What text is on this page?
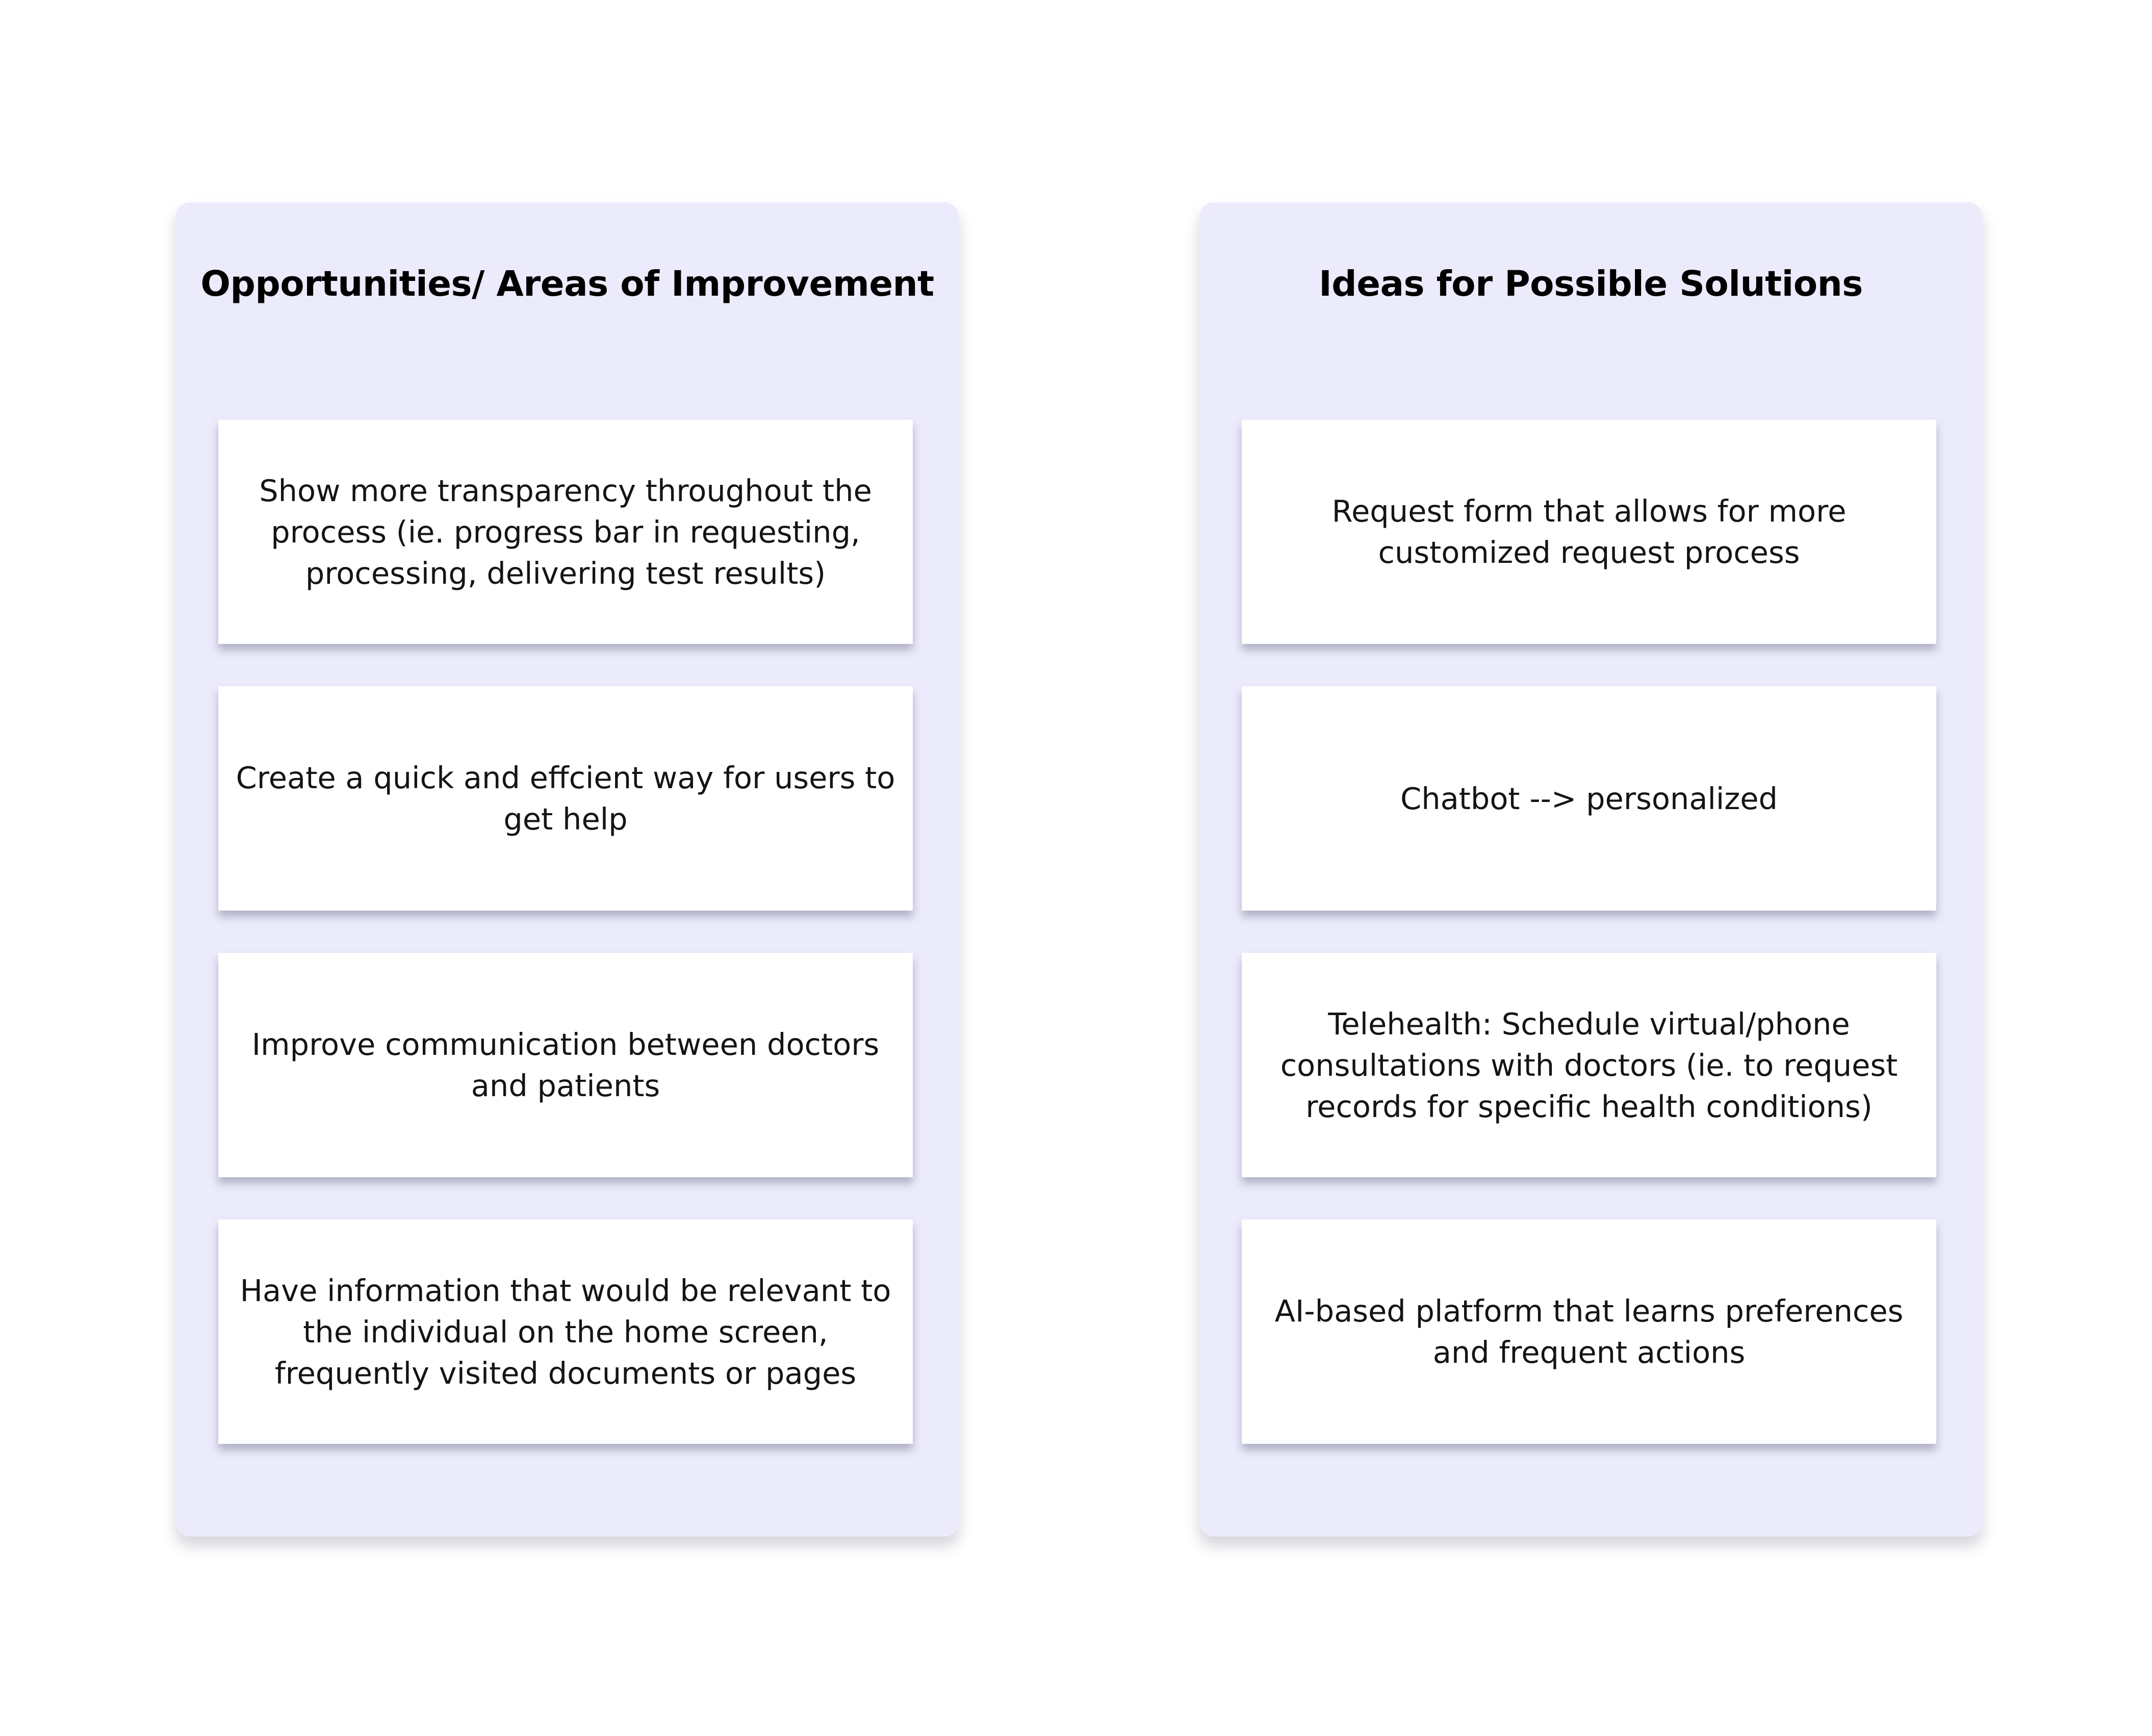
Opportunities/ Areas of Improvement
Show more transparency throughout the process (ie. progress bar in requesting, processing, delivering test results)
Create a quick and effcient way for users to get help
Improve communication between doctors and patients
Have information that would be relevant to the individual on the home screen, frequently visited documents or pages
Ideas for Possible Solutions
Request form that allows for more customized request process
Chatbot --> personalized
Telehealth: Schedule virtual/phone consultations with doctors (ie. to request records for specific health conditions)
AI-based platform that learns preferences and frequent actions
